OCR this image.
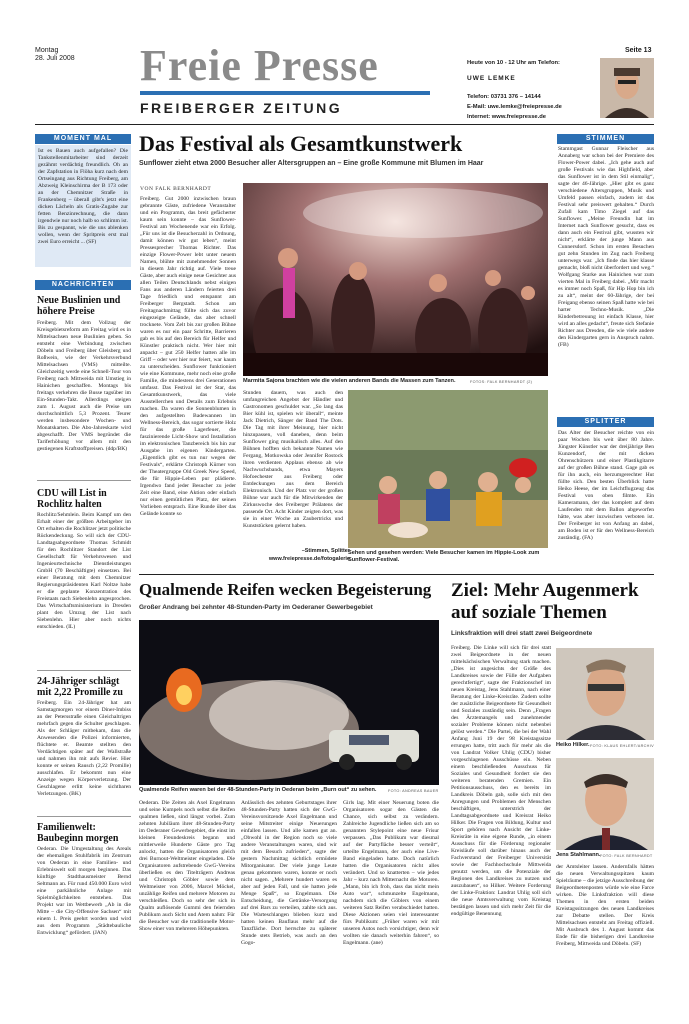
Montag
28. Juli 2008 Freie Presse
FREIBERGER ZEITUNG
Seite 13
Heute von 10 - 12 Uhr am Telefon:
UWE LEMKE
Telefon: 03731 376 – 14144
E-Mail: uwe.lemke@freiepresse.de
Internet: www.freiepresse.de
MOMENT MAL
Ist es Bauen auch aufgefallen? Die Tankstellenmitarbeiter sind derzeit gezähmt verdächtig freundlich. Oh an der Zapfstation in Flöha kurz nach dem Ortseingang aus Richtung Freiberg, am Abzweig Kleinschirma der B 173 oder an der Chemnitzer Straße in Frankenberg – überall gibt's jetzt eine dicken Lächeln als Gratis-Zugabe zur fetten Benzinrechnung, die dann irgendwie nur noch halb so schlimm ist. Bis zu gespannt, wie die uns ablenken wollen, wenn der Spritpreis erst mal zwei Euro erreicht ... (SF)
NACHRICHTEN
Neue Buslinien und höhere Preise
Freiberg. Mit dem Vollzug der Kreisgebietsreform am Freitag wird es in Mittelsachsen neue Buslinien geben. So entsteht eine Verbindung zwischen Döbeln und Freiberg über Gleisberg und Roßwein, wie der Verkehrsverbund Mittelsachsen (VMS) mitteilte. Gleichzeitig werde eine Schnell-Tour von Freiberg nach Mittweida mit Umstieg in Hainichen geschaffen. Montags bis freitags verkehren die Busse tagsüber im Ein-Stunden-Takt. Allerdings steigen zum 1. August auch die Preise um durchschnittlich 5,3 Prozent. Teurer werden insbesondere Wochen- und Monatskarten. Die Abo-Jahreskarte wird abgeschafft. Der VMS begründet die Tariferhöhung vor allem mit den gestiegenen Kraftstoffpreisen. (ddp/BK)
CDU will List in Rochlitz halten
Rochlitz/Sehmlein. Beim Kampf um den Erhalt einer der größten Arbeitgeber im Ort erhalten die Rochlitzer jetzt politische Rückendeckung. So will sich der CDU-Landtagsabgeordnete Thomas Schmidt für den Rochlitzer Standort der List Gesellschaft für Verkehrswesen und Ingenieurtechnische Dienstleistungen GmbH (70 Beschäftigte) einsetzen. Bei einer Beratung mit dem Chemnitzer Regierungspräsidenten Karl Noltze habe er die geplante Konzentration des Freistaats nach Siebenlehn angesprochen. Das Wirtschaftsministerium in Dresden plant den Umzug der List nach Siebenlehn. Hier aber noch nichts entschieden. (IL)
24-Jähriger schlägt mit 2,22 Promille zu
Freiberg. Ein 24-Jähriger hat am Samstagmorgen vor einem Diner-Imbiss an der Petersstraße einen Gleichaltrigen mehrfach gegen die Schulter geschlagen. Als der Schläger mitbekam, dass die Anwesenden die Polizei informierten, flüchtete er. Beamte stellten den Verdächtigen später auf der Wallstraße und nahmen ihn mit aufs Revier. Hier konnte er seinen Rausch (2,22 Promille) ausschlafen. Er bekommt nun eine Anzeige wegen Körperverletzung. Der Geschlagene erlitt keine sichtbaren Verletzungen. (BK)
Familienwelt: Baubeginn morgen
Oederan. Die Umgestaltung des Areals der ehemaligen Stuhlfabrik im Zentrum von Oederan in eine Familien- und Erlebniswelt soll morgen beginnen. Das künftige Stadthausmeister Bernd Seltmann an. Für rund 450.000 Euro wird eine parkähnliche Anlage mit Spielmöglichkeiten entstehen. Das Projekt war im Wettbewerb „Ab in die Mitte – die City-Offensive Sachsen“ mit einem 1. Preis geehrt worden und wird aus dem Programm „Städtebauliche Entwicklung“ gefördert. (JAN)
Das Festival als Gesamtkunstwerk
Sunflower zieht etwa 2000 Besucher aller Altersgruppen an – Eine große Kommune mit Blumen im Haar
VON FALK BERNHARDT
Freiberg. Gut 2000 inzwischen braun gebrannte Gäste, zufriedene Veranstalter und ein Programm, das breit gefächerter kaum sein konnte – das Sunflower-Festival am Wochenende war ein Erfolg. „Für uns ist die Besucherzahl in Ordnung, damit können wir gut leben“, meint Pressesprecher Thomas Richter. Das einzige Flower-Power lebt unter neuem Namen, blühte mit zunehmender Sonnen in diesem Jahr richtig auf. Viele treue Gäste, aber auch einige neue Gesichter aus allen Teilen Deutschlands nebst einigen Fans aus anderen Ländern feierten drei Tage friedlich und entspannt am Freiberger Bergstadt. Schon am Freitagnachmittag füllte sich das zuvor eingezeigte Gelände, das aber schnell trocknete. Vom Zelt bis zur großen Bühne waren es nur ein paar Schritte, Barrieren gab es bis auf den Bereich für Helfer und Künstler praktisch nicht. Wer hier mit anpackt – gut 250 Helfer hatten alle im Griff – oder wer hier nur feiert, war kaum zu unterscheiden. Sunflower funktioniert wie eine Kommune, mehr noch eine große Familie, die mindestens drei Generationen umfasst. Das Festival ist der Star, das Gesamtkunstwerk, das viele Ausstellerchen und Details zum Erlebnis machen. Da waren die Sonnenblumen in den aufgestellten Badewannen im Wellness-Bereich, das sogar sortierte Holz für das große Lagerfeuer, die faszinierende Licht-Show und Installation im elektronischen Tanzbereich bis hin zur Ausgabe im eigenen Kindergarten. „Eigentlich gibt es tun nur wegen der Festivals“, erklärte Christoph Kürner von der Theatergruppe Old Greek New Speed, die für Hippie-Leben pur plädierte. Irgendwo fand jeder Besucher zu jeder Zeit eine Band, eine Aktion oder einfach nur einen gemütlichen Platz, der seinen Vorlieben entsprach. Eine Runde über das Gelände konnte so
Marmita Sajona brachten wie die vielen anderen Bands die Massen zum Tanzen.	FOTOS: FALK BERNHARDT (2)
Stunden dauern, was auch den umfangreichen Angebot der Händler und Gastronomen geschuldet war. „So lang das Bier kühl ist, spielen wir überall“, meinte Jack Dietrich, Sänger der Band The Dots. Die Tag mit ihrer Meinung, hier nicht hinzupassen, voll daneben, denn beim Sunflower ging musikalisch alles. Auf den Bühnen hofften sich bekannte Namen wie Fergang, Motkowska oder Jennifer Rostock ihren verdienten Applaus ebenso ab wie Nachwuchsbands, etwa Mayers Hofoechester aus Freiberg oder Entdeckungen aus dem Bereich Elektronisch. Und der Platz vor der großen Bühne war auch für die Mitwirkenden der Zirkuswoche des Freiberger Prälatens der passende Ort. Acht Kinder zeigten dort, was sie in einer Woche an Zaubertricks und Kunststücken gelernt haben.
–Stimmen, Splitter
www.freiepresse.de/fotogalerie
Sehen und gesehen werden: Viele Besucher kamen im Hippie-Look zum Sunflower-Festival.
STIMMEN
Stammgast Gunnar Fleischer aus Annaberg war schon bei der Premiere des Flower-Power dabei. „Ich gehe auch auf große Festivals wie das Highfield, aber das Sunflower ist in dem Stil einmalig“, sagte der 46-Jährige. „Hier gibt es ganz verschiedene Altersgruppen, Musik und Umfeld passen einfach, zudem ist das Festival sehr preiswert gehalten.“ Durch Zufall kam Timo Ziegel auf das Sunflower. „Meine Freundin hat im Internet nach Sunflower gesucht, dass es dann auch ein Festival gibt, wussten wir nicht“, erklärte der junge Mann aus Cunnersdorf. Schon im ersten Besuchen gut zehn Stunden im Zug nach Freiberg unterwegs war. „Ich finde das hier klasse gemacht, bloß nicht überfordert und weg.“ Wolfgang Starke aus Hainichen war zum vierten Mal in Freiberg dabei. „Mir macht es immer noch Spaß, für Hip Hop bin ich zu alt“, meint der 60-Jährige, der bei Freigang ebenso seinen Spaß hatte wie bei harter Techno-Musik. „Die Kinderbetreuung ist einfach Klasse, hier wird an alles gedacht“, freute sich Stefanie Richter aus Dresden, die wie viele andere den Kindergarten gern in Anspruch nahm. (FB)
SPLITTER
Das Alter der Besucher reichte von ein paar Wochen bis weit über 80 Jahre. Jüngster Künstler war der dreijährige Ben Kunzendorf, der mit dicken Ohrenschützern und einer Plastikgitarre auf der großen Bühne stand. Gage gab es für ihn auch, ein herzumgerechter Hut füllte sich. Den besten Überblick hatte Heiko Heese, der im Leichtflugzeug das Festival von oben filmte. Ein Kameramann, der das komplett auf dem Laufenden mit dem Ballon abgeworfen hätte, was aber inzwischen verboten ist. Der Freiberger ist von Anfang an dabei, am Boden ist er für den Wellness-Bereich zuständig. (FA)
Qualmende Reifen wecken Begeisterung
Großer Andrang bei zehnter 48-Stunden-Party im Oederaner Gewerbegebiet
Qualmende Reifen waren bei der 48-Stunden-Party in Oederan beim „Burn out“ zu sehen.	FOTO: ANDREAS BAUER
Oederan. Die Zeiten als Axel Engelmann und seine Kumpels noch selbst die Reifen qualmen ließen, sind längst vorbei. Zum zehnten Jubiläum ihrer 48-Stunden-Party im Oederaner Gewerbegebiet, die einst im kleinen Freundeskreis begann und mittlerweile Hunderte Gäste pro Tag anlockt, hatten die Organisatoren gleich drei Burnout-Weltmeister eingeladen. Die Organisatoren aufstrebende GwG-Vereins überließen es den Titelträgern Andreas und Christoph Göbler sowie dem Weltmeister von 2006, Marcel Möckel, unzählige Reifen und mehrere Motoren zu verschleißen. Doch so sehr der sich in Qualm auflösende Gummi den feiernden Publikum auch Sicht und Atem nahm: Für die Besucher war die traditionelle Motor-Show einer von mehreren Höhepunkten.
Anlässlich des zehnten Geburtstages ihrer 48-Stunden-Party hatten sich der GwG-Vereinsvorsitzende Axel Engelmann und seine Mitstreiter einige Neuerungen einfallen lassen. Und alle kamen gut an. „Obwohl in der Region noch so viele andere Veranstaltungen waren, sind wir mit dem Besuch zufrieden“, sagte der gestern Nachmittag sichtlich ermüdete Mitorganisator. Der viele junge Leute genau gekommen waren, konnte er noch nicht sagen. „Mehrere hundert waren es aber auf jeden Fall, und sie hatten jede Menge Spaß“, so Engelmann. Die Entscheidung, die Getränke-Versorgung auf drei Bars zu verteilen, zahlte sich aus. Die Warteschlangen blieben kurz und hatten keinen Bauflaus mehr auf die Tanzfläche. Dort herrschte zu späterer Stunde stets Betrieb, was auch an den Gogo-
Girls lag. Mit einer Neuerung boten die Organisatoren sogar den Gästen die Chance, sich selbst zu verändern. Zahlreiche Jugendliche ließen sich am so genannten Stylepoint eine neue Frisur verpassen. „Das Publikum war diesmal auf der Partyfläche besser verteilt“, urteilte Engelmann, der auch eine Live-Band eingeladen hatte. Doch natürlich hatten die Organisatoren nicht alles verändert. Und so knatterten – wie jedes Jahr – kurz nach Mitternacht die Motoren. „Mann, bin ich froh, dass das nicht mein Auto war“, schmunzelte Engelmann, nachdem sich die Göblers von einem weiteren Satz Reifen verabschiedet hatten. Diese Aktionen seien viel interessanter fürs Publikum: „Früher waren wir mit unseren Autos noch vorsichtiger, denn wir wollten sie danach weiterhin fahren“, so Engelmann. (ane)
Ziel: Mehr Augenmerk auf soziale Themen
Linksfraktion will drei statt zwei Beigeordnete
Freiberg. Die Linke will sich für drei statt zwei Beigeordnete in der neuen mittelsächsischen Verwaltung stark machen. „Dies ist angesichts der Größe des Landkreises sowie der Fülle der Aufgaben gerechtfertigt“, sagte der Fraktionschef im neuen Kreistag, Jens Stahlmann, nach einer Beratung der Linke-Kreisräte. Zudem sollte der zusätzliche Beigeordnete für Gesundheit und Soziales zuständig sein. Denn „Fragen des Ärztemangels und zunehmender sozialer Probleme können nicht nebenbei gelöst werden.“ Die Partei, die bei der Wahl Anfang Juni 19 der 98 Kreistagssitze errungen hatte, tritt auch für mehr als die von Landrat Volker Uhlig (CDU) bisher vorgeschlagenen Ausschüsse ein. Neben einem beschließenden Ausschuss für Soziales und Gesundheit fordert sie den weiteren beratenden Gremien. Ein Petitionsausschuss, den es bereits im Landkreis Döbeln gab, solle sich mit den Anregungen und Problemen der Menschen beschäftigen, unterstrich der Landtagsabgeordnete und Kreisrat Heiko Hilker. Die Fragen von Bildung, Kultur und Sport gehören nach Ansicht der Linke-Kreisräte in eine eigene Runde, „in einem Ausschuss für die Förderung regionaler Kreisläufe soll darüber hinaus auch der Fachverstand der Freiberger Universität sowie der Fachhochschule Mittweida genutzt werden, um die Potenziale der Regionen des Landkreises zu nutzen und auszubauen“, so Hilker. Weitere Forderung der Linke-Fraktion: Landrat Uhlig soll sich die neue Amtsverwaltung vom Kreistag bestätigen lassen und sich mehr Zeit für die endgültige Benennung
Heiko Hilker. FOTO: KLAUS EHLERT/ARCHIV
Jens Stahlmann. FOTO: FALK BERNHARDT
der Amtsleiter lassen. Andernfalls hätten die neuen Verwaltungsspitzen kaum Spielräume – die jetzige Ausschreibung der Beigeordnetenposten würde wie eine Farce wirken. Die Linksfraktion will diese Themen in den ersten beiden Kreistagssitzungen des neuen Landkreises zur Debatte stellen. Der Kreis Mittelsachsen entsteht am Freitag offiziell. Mit Ausbruch des 1. August kommt das Ende für die bisherigen drei Landkreise Freiberg, Mittweida und Döbeln. (SF)
